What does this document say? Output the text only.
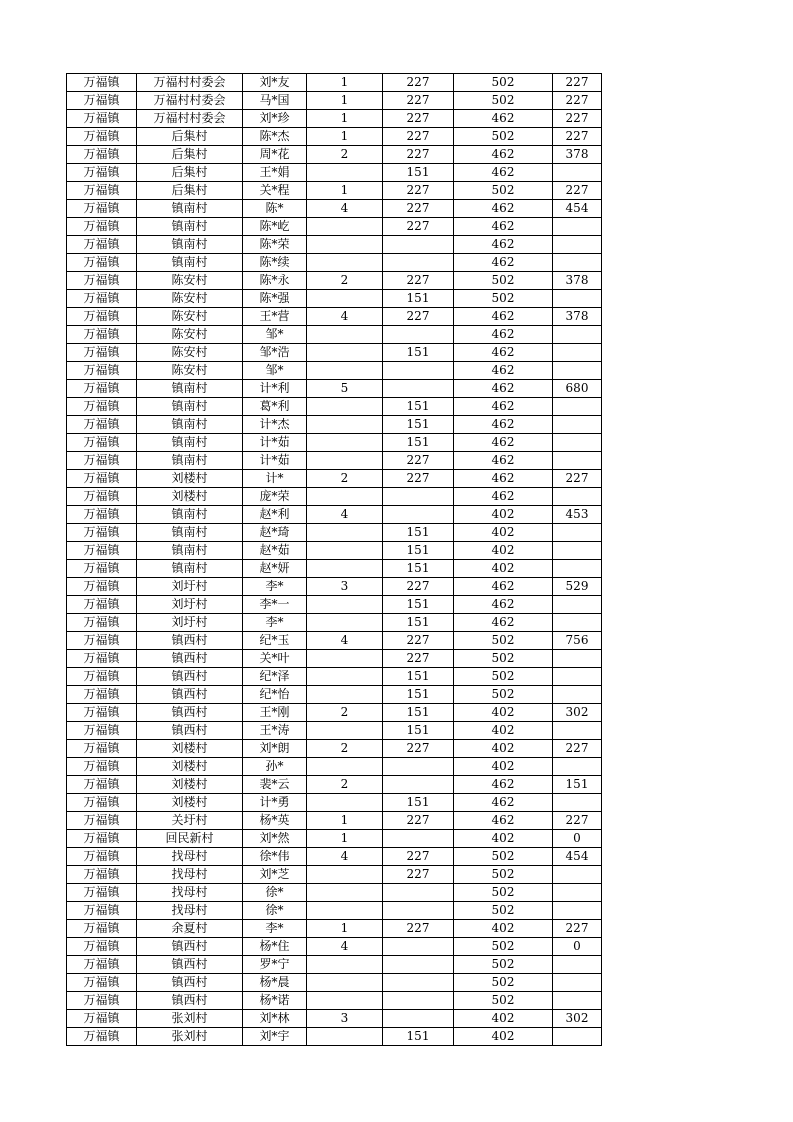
万福镇	万福村村委会	刘*友	1	227	502	227
万福镇	万福村村委会	马*国	1	227	502	227
万福镇	万福村村委会	刘*珍	1	227	462	227
万福镇	后集村	陈*杰	1	227	502	227
万福镇	后集村	周*花	2	227	462	378
万福镇	后集村	王*娟		151	462	
万福镇	后集村	关*程	1	227	502	227
万福镇	镇南村	陈*	4	227	462	454
万福镇	镇南村	陈*屹		227	462	
万福镇	镇南村	陈*荣			462	
万福镇	镇南村	陈*续			462	
万福镇	陈安村	陈*永	2	227	502	378
万福镇	陈安村	陈*强		151	502	
万福镇	陈安村	王*营	4	227	462	378
万福镇	陈安村	邹*			462	
万福镇	陈安村	邹*浩		151	462	
万福镇	陈安村	邹*			462	
万福镇	镇南村	计*利	5		462	680
万福镇	镇南村	葛*利		151	462	
万福镇	镇南村	计*杰		151	462	
万福镇	镇南村	计*茹		151	462	
万福镇	镇南村	计*茹		227	462	
万福镇	刘楼村	计*	2	227	462	227
万福镇	刘楼村	庞*荣			462	
万福镇	镇南村	赵*利	4		402	453
万福镇	镇南村	赵*琦		151	402	
万福镇	镇南村	赵*茹		151	402	
万福镇	镇南村	赵*妍		151	402	
万福镇	刘圩村	李*	3	227	462	529
万福镇	刘圩村	李*一		151	462	
万福镇	刘圩村	李*		151	462	
万福镇	镇西村	纪*玉	4	227	502	756
万福镇	镇西村	关*叶		227	502	
万福镇	镇西村	纪*泽		151	502	
万福镇	镇西村	纪*怡		151	502	
万福镇	镇西村	王*刚	2	151	402	302
万福镇	镇西村	王*涛		151	402	
万福镇	刘楼村	刘*朗	2	227	402	227
万福镇	刘楼村	孙*			402	
万福镇	刘楼村	裴*云	2		462	151
万福镇	刘楼村	计*勇		151	462	
万福镇	关圩村	杨*英	1	227	462	227
万福镇	回民新村	刘*然	1		402	0
万福镇	找母村	徐*伟	4	227	502	454
万福镇	找母村	刘*芝		227	502	
万福镇	找母村	徐*			502	
万福镇	找母村	徐*			502	
万福镇	余夏村	李*	1	227	402	227
万福镇	镇西村	杨*住	4		502	0
万福镇	镇西村	罗*宁			502	
万福镇	镇西村	杨*晨			502	
万福镇	镇西村	杨*诺			502	
万福镇	张刘村	刘*林	3		402	302
万福镇	张刘村	刘*宇		151	402	
